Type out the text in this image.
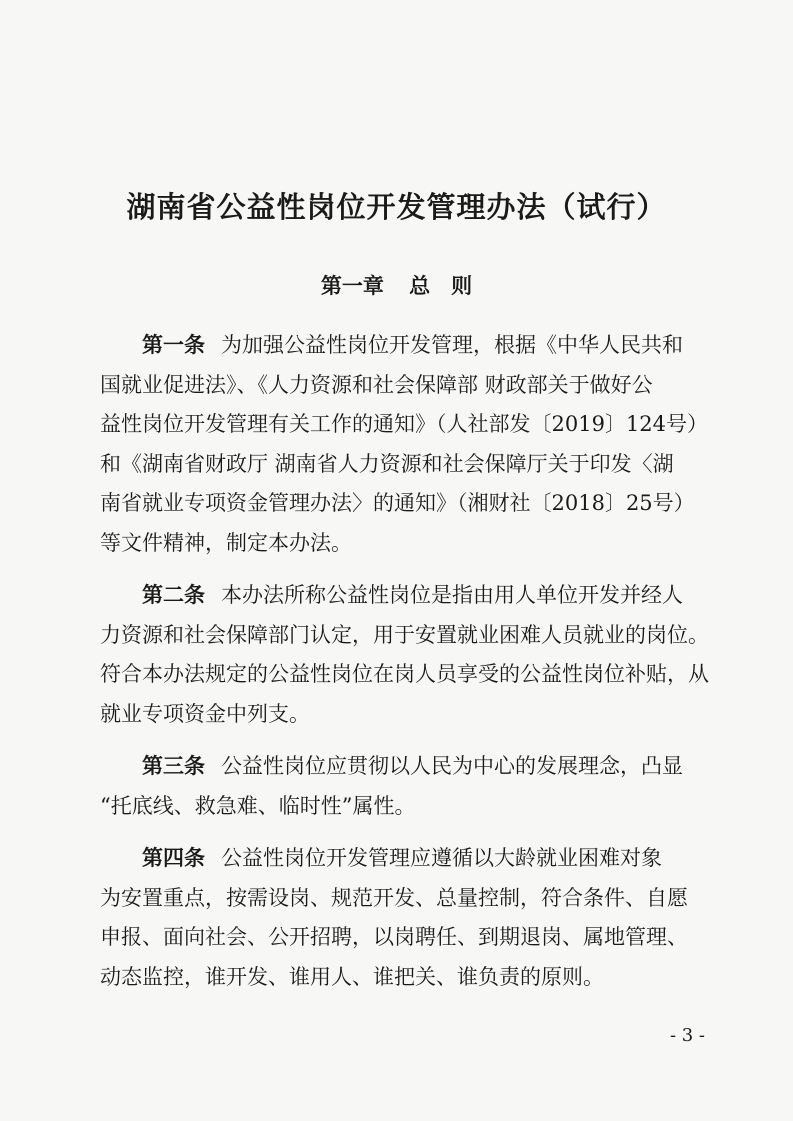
湖南省公益性岗位开发管理办法（试行）
第一章 总　则

第一条 为加强公益性岗位开发管理，根据《中华人民共和
国就业促进法》、《人力资源和社会保障部 财政部关于做好公
益性岗位开发管理有关工作的通知》（人社部发〔2019〕124号）
和《湖南省财政厅 湖南省人力资源和社会保障厅关于印发〈湖
南省就业专项资金管理办法〉的通知》（湘财社〔2018〕25号）
等文件精神，制定本办法。

第二条 本办法所称公益性岗位是指由用人单位开发并经人
力资源和社会保障部门认定，用于安置就业困难人员就业的岗位。
符合本办法规定的公益性岗位在岗人员享受的公益性岗位补贴，从
就业专项资金中列支。

第三条 公益性岗位应贯彻以人民为中心的发展理念，凸显
“托底线、救急难、临时性”属性。

第四条 公益性岗位开发管理应遵循以大龄就业困难对象
为安置重点，按需设岗、规范开发、总量控制，符合条件、自愿
申报、面向社会、公开招聘，以岗聘任、到期退岗、属地管理、
动态监控，谁开发、谁用人、谁把关、谁负责的原则。

- 3 -
